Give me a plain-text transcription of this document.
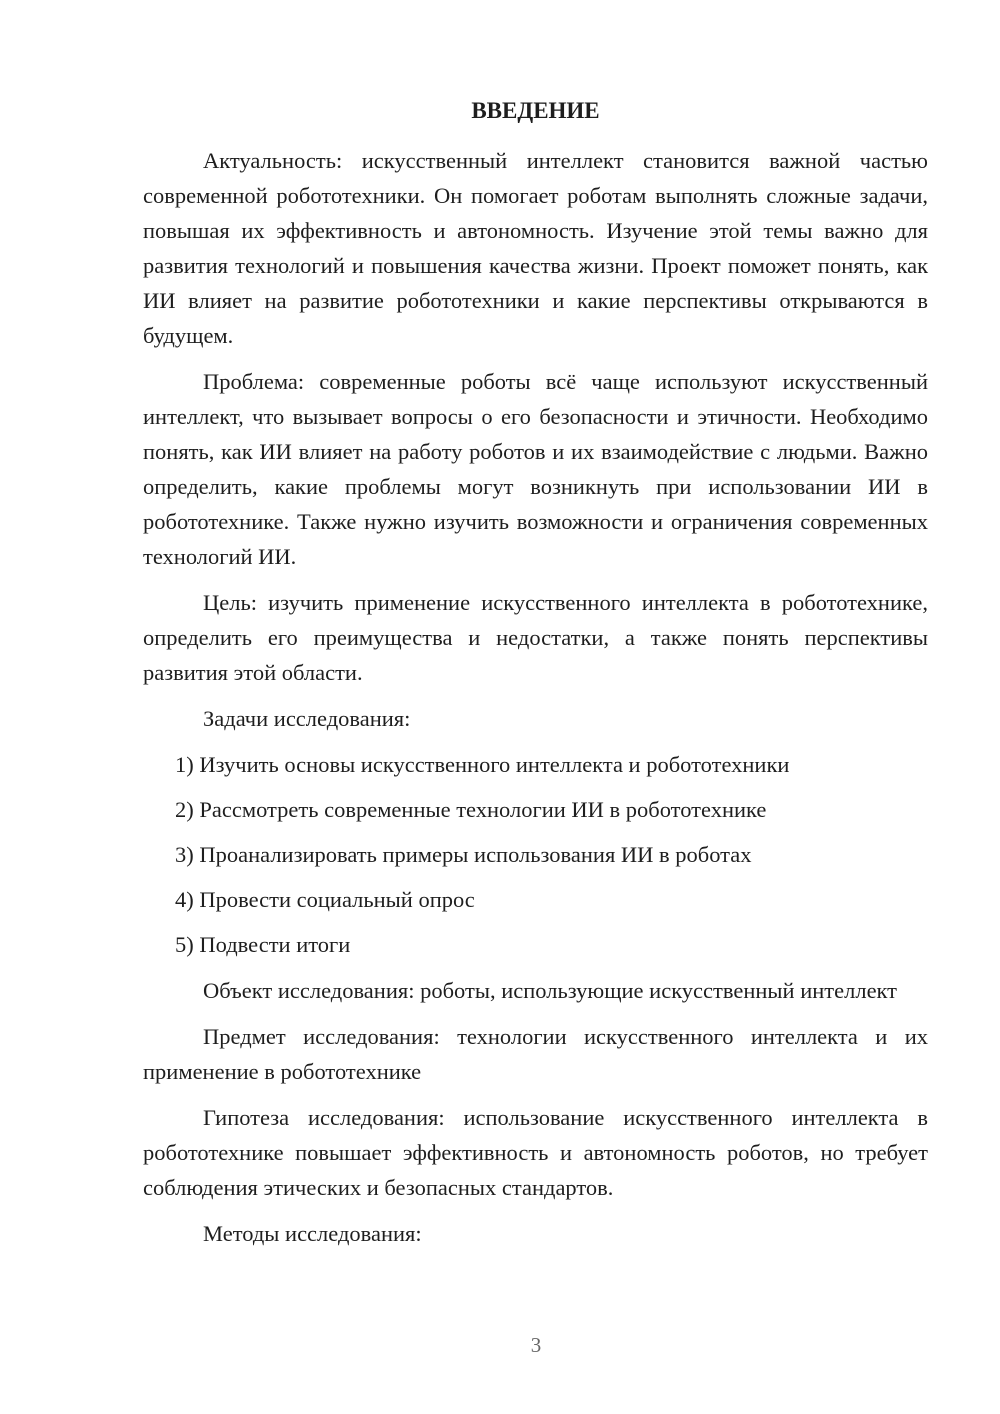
ВВЕДЕНИЕ

Актуальность: искусственный интеллект становится важной частью современной робототехники. Он помогает роботам выполнять сложные задачи, повышая их эффективность и автономность. Изучение этой темы важно для развития технологий и повышения качества жизни. Проект поможет понять, как ИИ влияет на развитие робототехники и какие перспективы открываются в будущем.

Проблема: современные роботы всё чаще используют искусственный интеллект, что вызывает вопросы о его безопасности и этичности. Необходимо понять, как ИИ влияет на работу роботов и их взаимодействие с людьми. Важно определить, какие проблемы могут возникнуть при использовании ИИ в робототехнике. Также нужно изучить возможности и ограничения современных технологий ИИ.

Цель: изучить применение искусственного интеллекта в робототехнике, определить его преимущества и недостатки, а также понять перспективы развития этой области.

Задачи исследования:

1) Изучить основы искусственного интеллекта и робототехники

2) Рассмотреть современные технологии ИИ в робототехнике

3) Проанализировать примеры использования ИИ в роботах

4) Провести социальный опрос

5) Подвести итоги

Объект исследования: роботы, использующие искусственный интеллект

Предмет исследования: технологии искусственного интеллекта и их применение в робототехнике

Гипотеза исследования: использование искусственного интеллекта в робототехнике повышает эффективность и автономность роботов, но требует соблюдения этических и безопасных стандартов.

Методы исследования:

3
